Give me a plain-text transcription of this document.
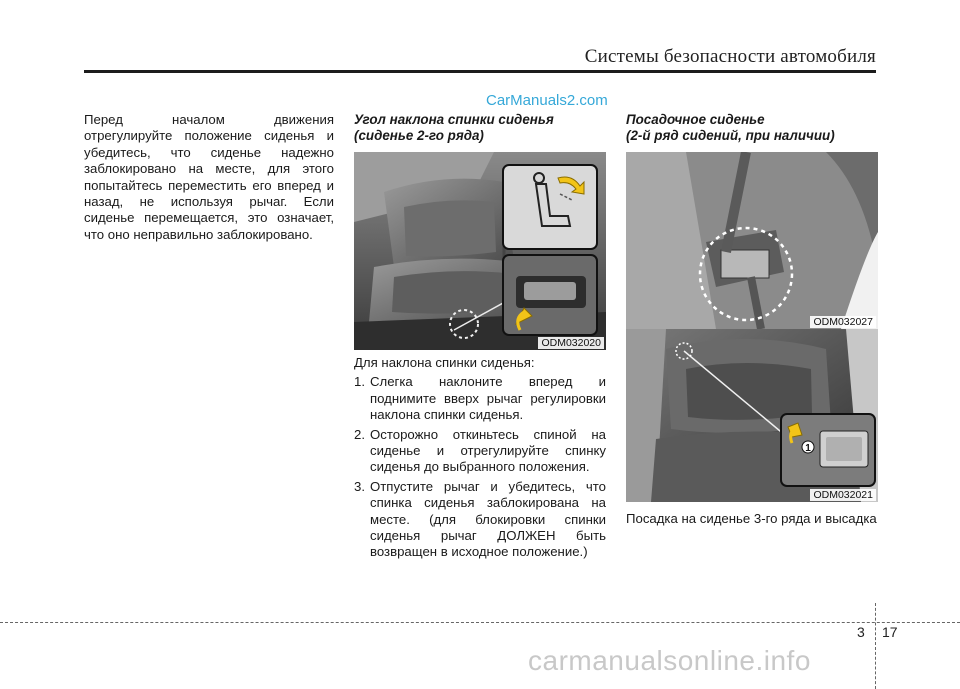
Системы безопасности автомобиля
CarManuals2.com
Перед началом движения отрегулируйте положение сиденья и убедитесь, что сиденье надежно заблокировано на месте, для этого попытайтесь переместить его вперед и назад, не используя рычаг. Если сиденье перемещается, это означает, что оно неправильно заблокировано.

Угол наклона спинки сиденья

(сиденье 2-го ряда)

ODM032020
Для наклона спинки сиденья:
1. Слегка наклоните вперед и поднимите вверх рычаг регулировки наклона спинки сиденья.
2. Осторожно откиньтесь спиной на сиденье и отрегулируйте спинку сиденья до выбранного положения.
3. Отпустите рычаг и убедитесь, что спинка сиденья заблокирована на месте. (для блокировки спинки сиденья рычаг ДОЛЖЕН быть возвращен в исходное положение.)

Посадочное сиденье

(2-й ряд сидений, при наличии)

ODM032027
1
ODM032021
Посадка на сиденье 3-го ряда и высадка
3 17
carmanualsonline.info
